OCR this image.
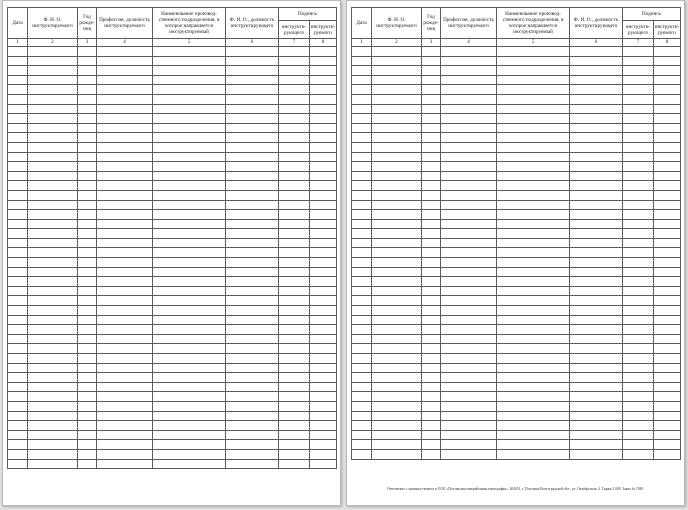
Дата	Ф. И. О. инструктируемого	Год рожде-ния	Профессия, должность инструктируемого	Наименование производ-ственного подразделения, в которое направляется инструктируемый	Ф. И. О., должность инструктирующего	Подпись	
						инструкти-рующего	инструкти-руемого
1	2	3	4	5	6	7	8

Дата	Ф. И. О. инструктируемого	Год рожде-ния	Профессия, должность инструктируемого	Наименование производ-ственного подразделения, в которое направляется инструктируемый	Ф. И. О., должность инструктирующего	Подпись	
						инструкти-рующего	инструкти-руемого
1	2	3	4	5	6	7	8

Отпечатано с оригинал-макета в ООО «Полтавская межрайонная типография». 404051, г. Полтавка Волгоградской обл., ул. Октябрьская, 4. Тираж 2 000. Заказ № 1388.
